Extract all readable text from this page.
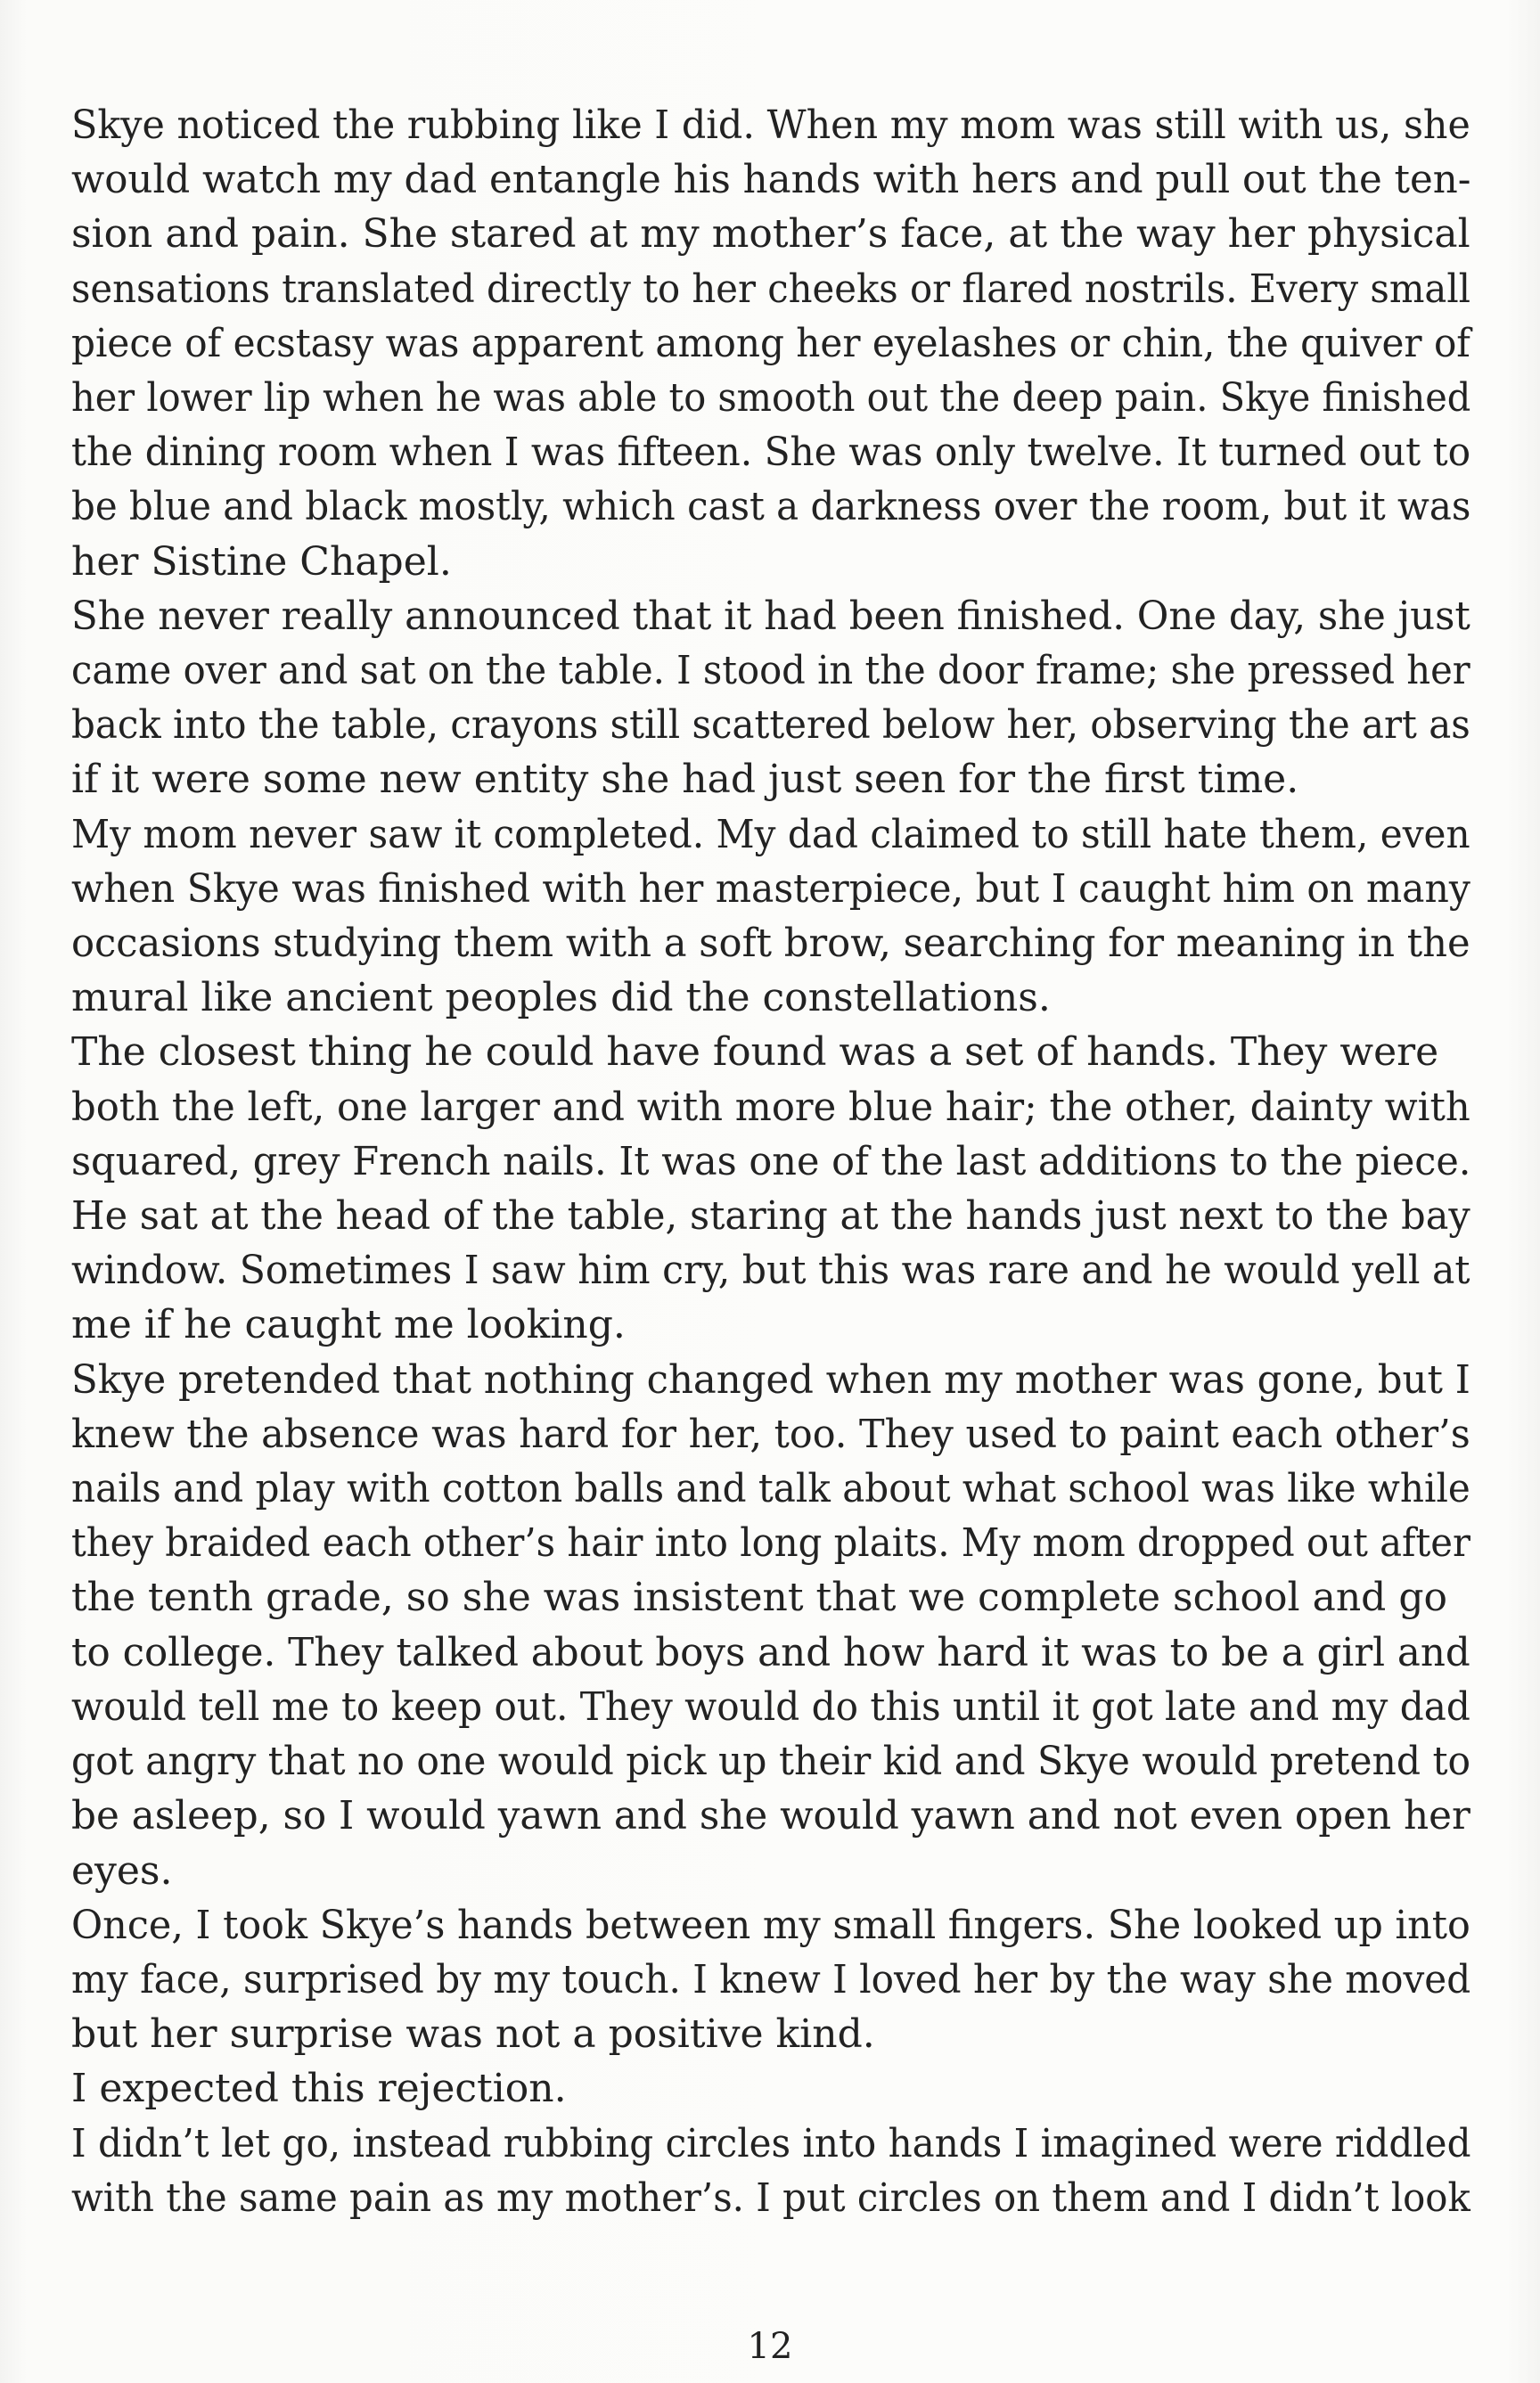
Skye noticed the rubbing like I did. When my mom was still with us, she
would watch my dad entangle his hands with hers and pull out the ten-
sion and pain. She stared at my mother’s face, at the way her physical
sensations translated directly to her cheeks or flared nostrils. Every small
piece of ecstasy was apparent among her eyelashes or chin, the quiver of
her lower lip when he was able to smooth out the deep pain. Skye finished
the dining room when I was fifteen. She was only twelve. It turned out to
be blue and black mostly, which cast a darkness over the room, but it was
her Sistine Chapel.
She never really announced that it had been finished. One day, she just
came over and sat on the table. I stood in the door frame; she pressed her
back into the table, crayons still scattered below her, observing the art as
if it were some new entity she had just seen for the first time.
My mom never saw it completed. My dad claimed to still hate them, even
when Skye was finished with her masterpiece, but I caught him on many
occasions studying them with a soft brow, searching for meaning in the
mural like ancient peoples did the constellations.
The closest thing he could have found was a set of hands. They were
both the left, one larger and with more blue hair; the other, dainty with
squared, grey French nails. It was one of the last additions to the piece.
He sat at the head of the table, staring at the hands just next to the bay
window. Sometimes I saw him cry, but this was rare and he would yell at
me if he caught me looking.
Skye pretended that nothing changed when my mother was gone, but I
knew the absence was hard for her, too. They used to paint each other’s
nails and play with cotton balls and talk about what school was like while
they braided each other’s hair into long plaits. My mom dropped out after
the tenth grade, so she was insistent that we complete school and go
to college. They talked about boys and how hard it was to be a girl and
would tell me to keep out. They would do this until it got late and my dad
got angry that no one would pick up their kid and Skye would pretend to
be asleep, so I would yawn and she would yawn and not even open her
eyes.
Once, I took Skye’s hands between my small fingers. She looked up into
my face, surprised by my touch. I knew I loved her by the way she moved
but her surprise was not a positive kind.
I expected this rejection.
I didn’t let go, instead rubbing circles into hands I imagined were riddled
with the same pain as my mother’s. I put circles on them and I didn’t look
12
